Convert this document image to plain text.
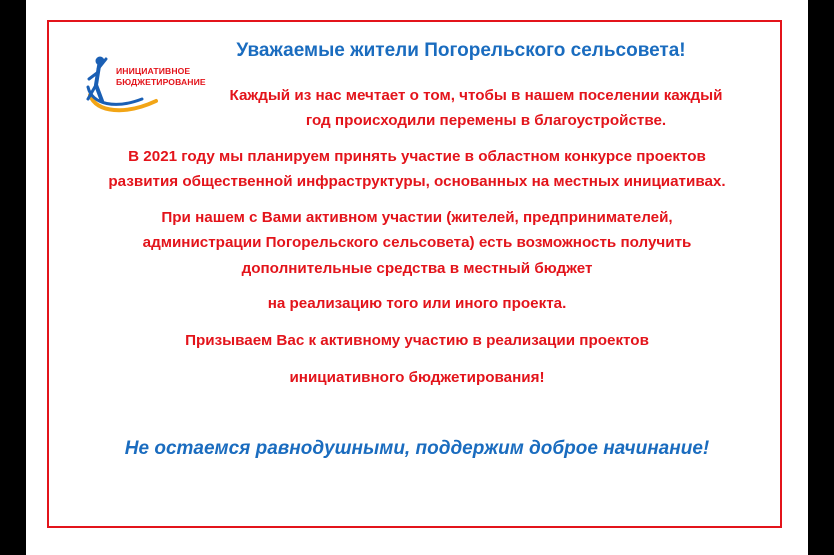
ИНИЦИАТИВНОЕ
БЮДЖЕТИРОВАНИЕ
Уважаемые жители Погорельского сельсовета!
Каждый из нас мечтает о том, чтобы в нашем поселении каждый
год происходили перемены в благоустройстве.
В 2021 году мы планируем принять участие в областном конкурсе проектов
развития общественной инфраструктуры, основанных на местных инициативах.
При нашем с Вами активном участии (жителей, предпринимателей,
администрации Погорельского сельсовета) есть возможность получить
дополнительные средства в местный бюджет
на реализацию того или иного проекта.
Призываем Вас к активному участию в реализации проектов
инициативного бюджетирования!
Не остаемся равнодушными, поддержим доброе начинание!
